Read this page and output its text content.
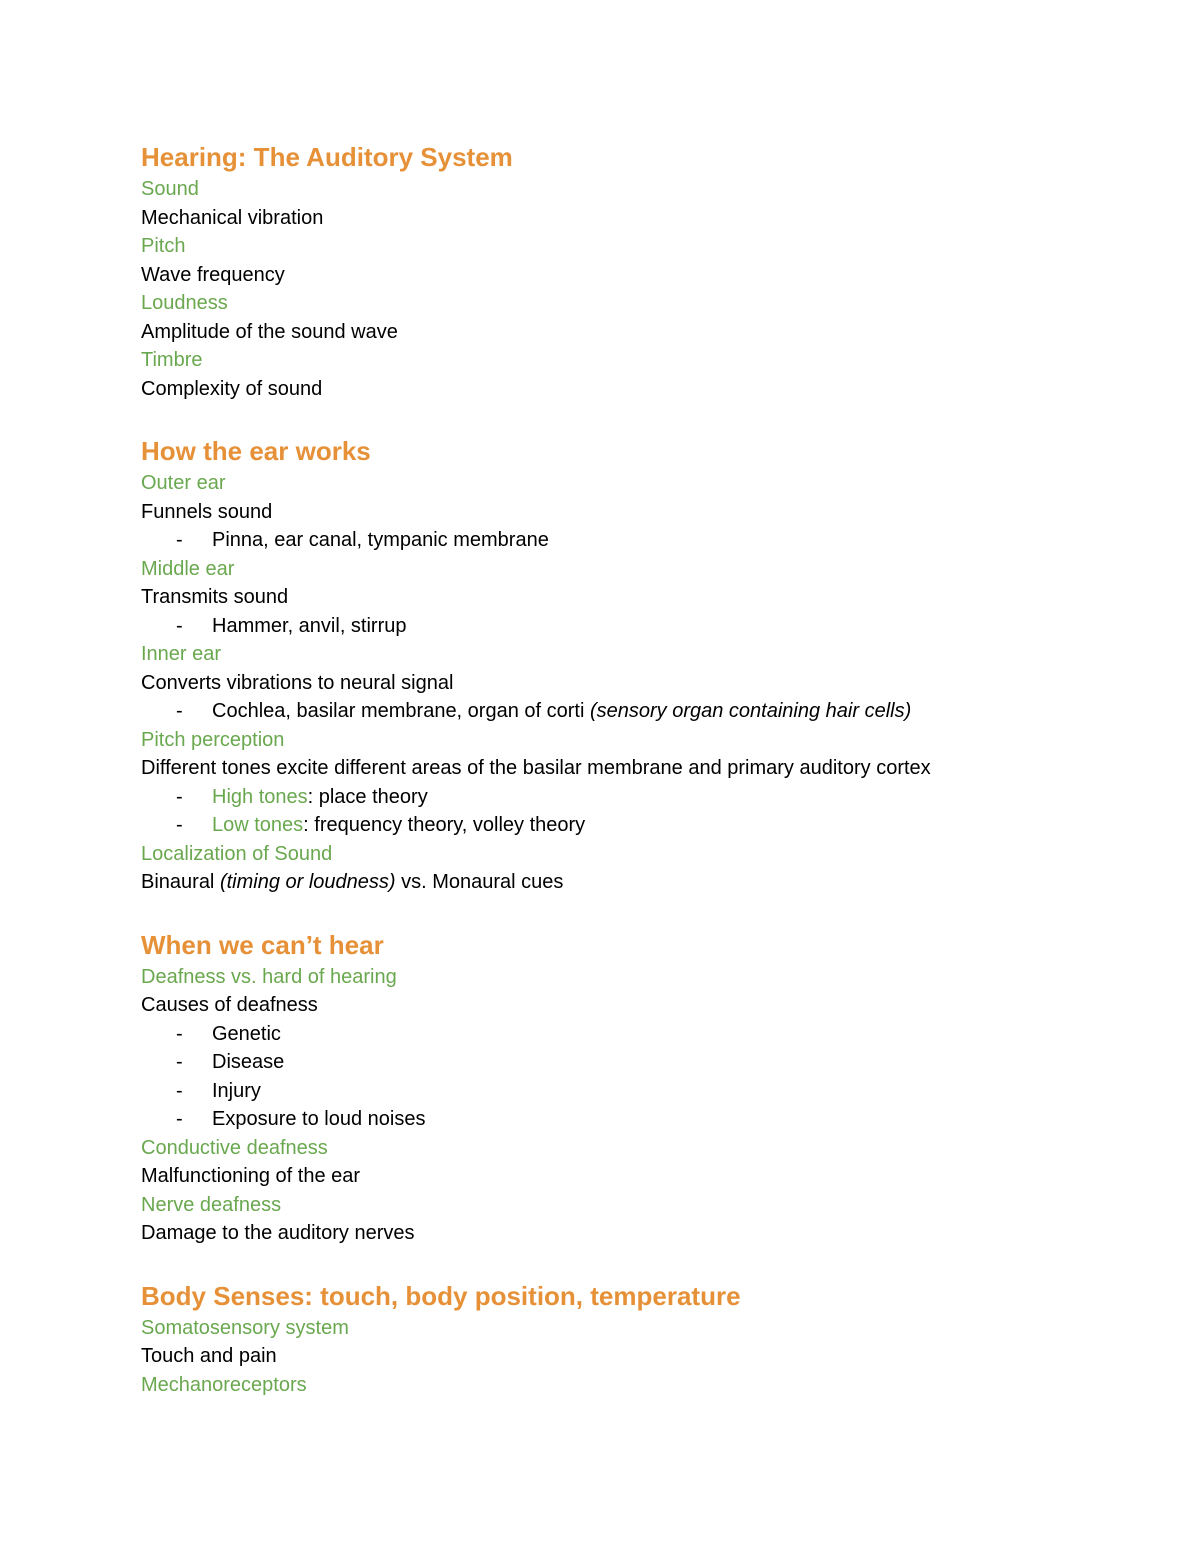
Hearing: The Auditory System
Sound
Mechanical vibration
Pitch
Wave frequency
Loudness
Amplitude of the sound wave
Timbre
Complexity of sound
How the ear works
Outer ear
Funnels sound
- Pinna, ear canal, tympanic membrane
Middle ear
Transmits sound
- Hammer, anvil, stirrup
Inner ear
Converts vibrations to neural signal
- Cochlea, basilar membrane, organ of corti (sensory organ containing hair cells)
Pitch perception
Different tones excite different areas of the basilar membrane and primary auditory cortex
- High tones: place theory
- Low tones: frequency theory, volley theory
Localization of Sound
Binaural (timing or loudness) vs. Monaural cues
When we can’t hear
Deafness vs. hard of hearing
Causes of deafness
- Genetic
- Disease
- Injury
- Exposure to loud noises
Conductive deafness
Malfunctioning of the ear
Nerve deafness
Damage to the auditory nerves
Body Senses: touch, body position, temperature
Somatosensory system
Touch and pain
Mechanoreceptors
